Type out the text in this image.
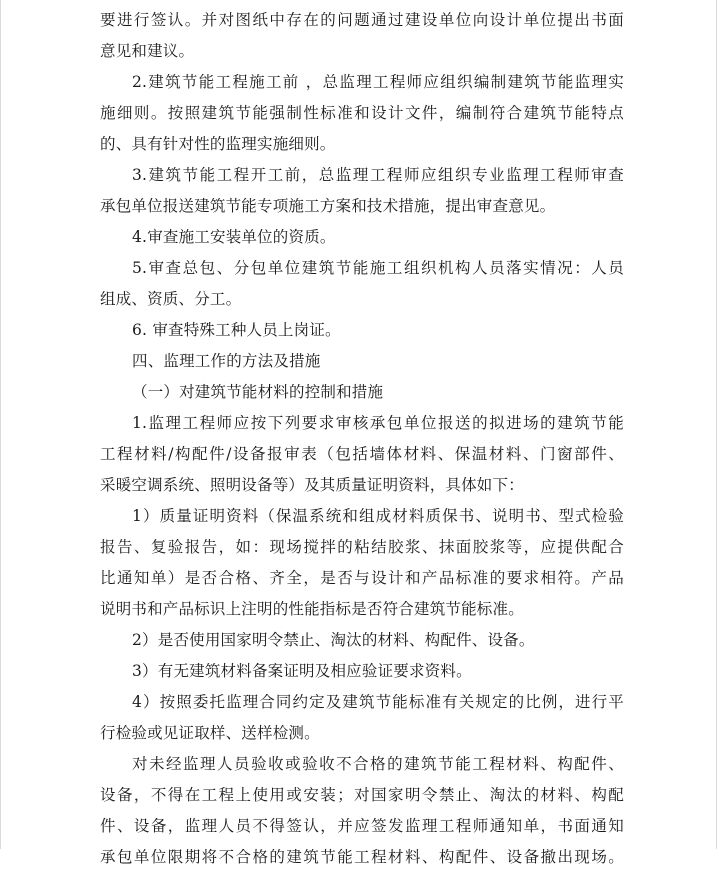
要进行签认。并对图纸中存在的问题通过建设单位向设计单位提出书面
意见和建议。
2.建筑节能工程施工前 ，总监理工程师应组织编制建筑节能监理实
施细则。按照建筑节能强制性标准和设计文件，编制符合建筑节能特点
的、具有针对性的监理实施细则。
3.建筑节能工程开工前，总监理工程师应组织专业监理工程师审查
承包单位报送建筑节能专项施工方案和技术措施，提出审查意见。
4.审查施工安装单位的资质。
5.审查总包、分包单位建筑节能施工组织机构人员落实情况：人员
组成、资质、分工。
6. 审查特殊工种人员上岗证。
四、监理工作的方法及措施
（一）对建筑节能材料的控制和措施
1.监理工程师应按下列要求审核承包单位报送的拟进场的建筑节能
工程材料/构配件/设备报审表（包括墙体材料、保温材料、门窗部件、
采暖空调系统、照明设备等）及其质量证明资料，具体如下：
1）质量证明资料（保温系统和组成材料质保书、说明书、型式检验
报告、复验报告，如：现场搅拌的粘结胶浆、抹面胶浆等，应提供配合
比通知单）是否合格、齐全，是否与设计和产品标准的要求相符。产品
说明书和产品标识上注明的性能指标是否符合建筑节能标准。
2）是否使用国家明令禁止、淘汰的材料、构配件、设备。
3）有无建筑材料备案证明及相应验证要求资料。
4）按照委托监理合同约定及建筑节能标准有关规定的比例，进行平
行检验或见证取样、送样检测。
对未经监理人员验收或验收不合格的建筑节能工程材料、构配件、
设备，不得在工程上使用或安装；对国家明令禁止、淘汰的材料、构配
件、设备，监理人员不得签认，并应签发监理工程师通知单，书面通知
承包单位限期将不合格的建筑节能工程材料、构配件、设备撤出现场。
